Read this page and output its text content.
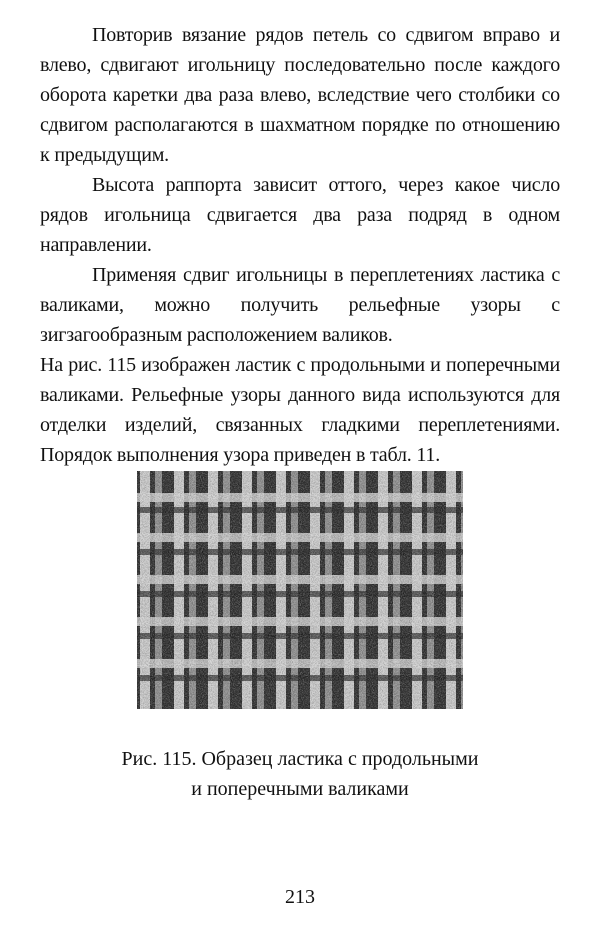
Повторив вязание рядов петель со сдвигом вправо и влево, сдвигают игольницу последовательно после каждого оборота каретки два раза влево, вследствие чего столбики со сдвигом располагаются в шахматном порядке по отношению к предыдущим.

Высота раппорта зависит оттого, через какое число рядов игольница сдвигается два раза подряд в одном направлении.

Применяя сдвиг игольницы в переплетениях ластика с валиками, можно получить рельефные узоры с зигзагообразным расположением валиков.

На рис. 115 изображен ластик с продольными и поперечными валиками. Рельефные узоры данного вида используются для отделки изделий, связанных гладкими переплетениями. Порядок выполнения узора приведен в табл. 11.

Рис. 115. Образец ластика с продольными
и поперечными валиками
213
